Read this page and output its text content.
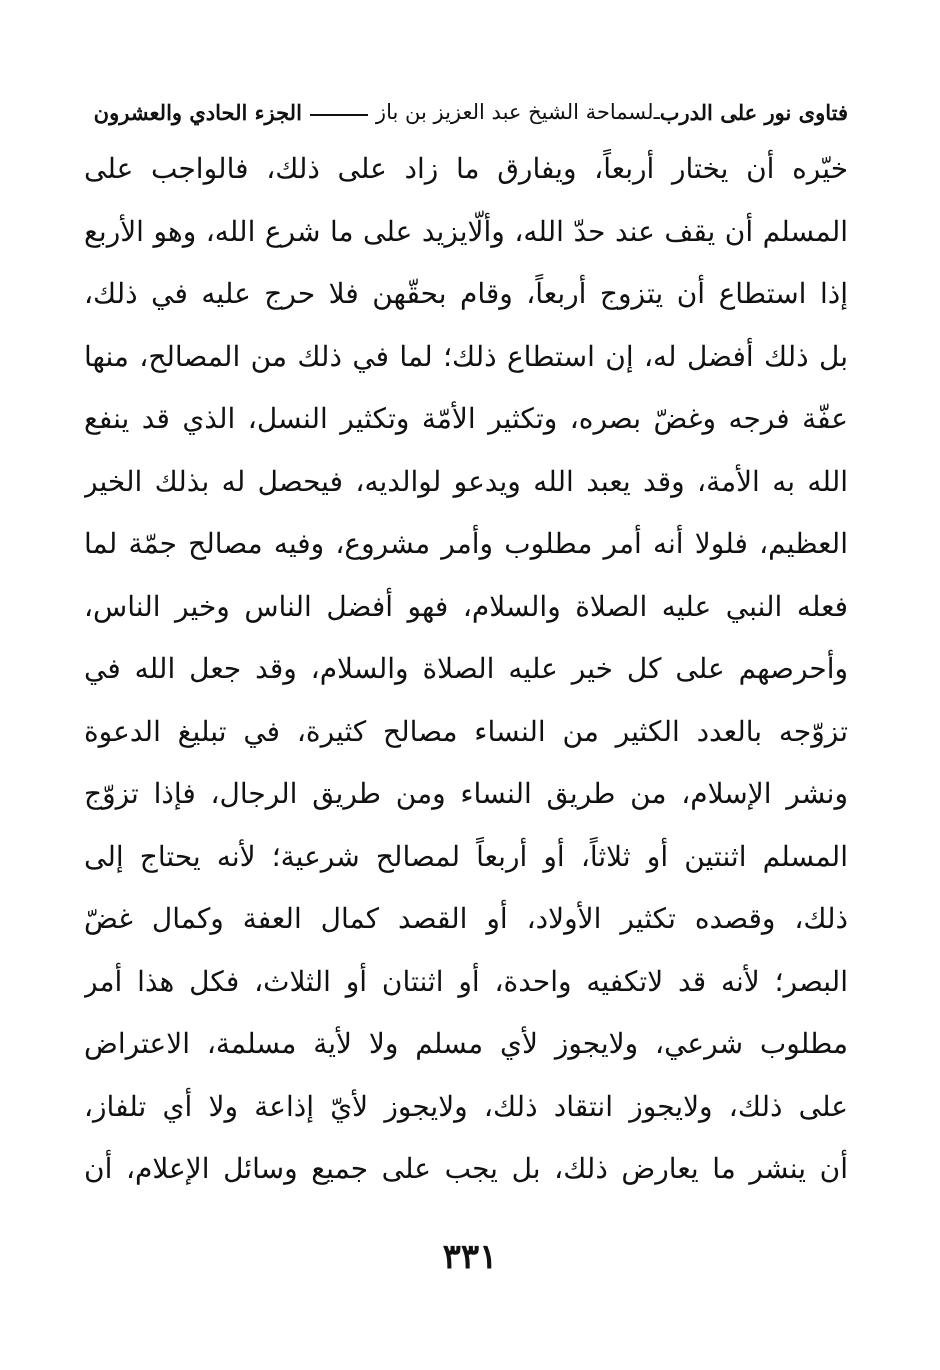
فتاوى نور على الدرب
ـ
لسماحة الشيخ عبد العزيز بن باز
الجزء الحادي والعشرون
خيّره أن يختار أربعاً، ويفارق ما زاد على ذلك، فالواجب على
المسلم أن يقف عند حدّ الله، وألّايزيد على ما شرع الله، وهو الأربع
إذا استطاع أن يتزوج أربعاً، وقام بحقّهن فلا حرج عليه في ذلك،
بل ذلك أفضل له، إن استطاع ذلك؛ لما في ذلك من المصالح، منها
عفّة فرجه وغضّ بصره، وتكثير الأمّة وتكثير النسل، الذي قد ينفع
الله به الأمة، وقد يعبد الله ويدعو لوالديه، فيحصل له بذلك الخير
العظيم، فلولا أنه أمر مطلوب وأمر مشروع، وفيه مصالح جمّة لما
فعله النبي عليه الصلاة والسلام، فهو أفضل الناس وخير الناس،
وأحرصهم على كل خير عليه الصلاة والسلام، وقد جعل الله في
تزوّجه بالعدد الكثير من النساء مصالح كثيرة، في تبليغ الدعوة
ونشر الإسلام، من طريق النساء ومن طريق الرجال، فإذا تزوّج
المسلم اثنتين أو ثلاثاً، أو أربعاً لمصالح شرعية؛ لأنه يحتاج إلى
ذلك، وقصده تكثير الأولاد، أو القصد كمال العفة وكمال غضّ
البصر؛ لأنه قد لاتكفيه واحدة، أو اثنتان أو الثلاث، فكل هذا أمر
مطلوب شرعي، ولايجوز لأي مسلم ولا لأية مسلمة، الاعتراض
على ذلك، ولايجوز انتقاد ذلك، ولايجوز لأيّ إذاعة ولا أي تلفاز،
أن ينشر ما يعارض ذلك، بل يجب على جميع وسائل الإعلام، أن
٣٣١
